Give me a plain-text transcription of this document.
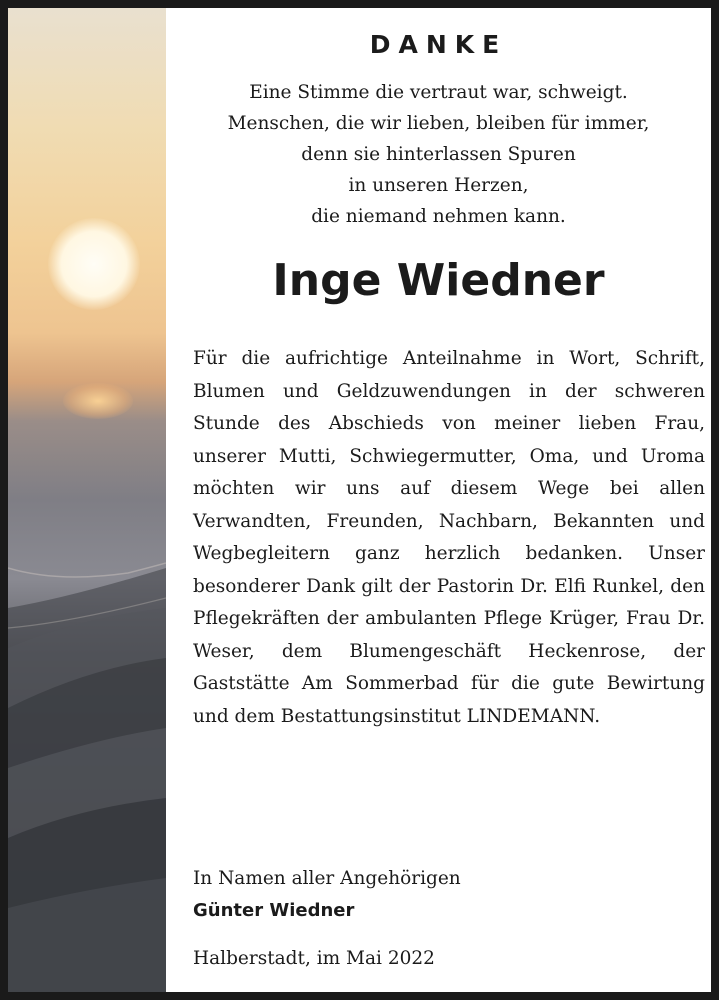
DANKE

Eine Stimme die vertraut war, schweigt.
Menschen, die wir lieben, bleiben für immer,
denn sie hinterlassen Spuren
in unseren Herzen,
die niemand nehmen kann.

Inge Wiedner

Für die aufrichtige Anteilnahme in Wort, Schrift, Blumen und Geldzuwendungen in der schweren Stunde des Abschieds von meiner lieben Frau, unserer Mutti, Schwiegermutter, Oma, und Uroma möchten wir uns auf diesem Wege bei allen Verwandten, Freunden, Nachbarn, Bekannten und Wegbegleitern ganz herzlich bedanken. Unser besonderer Dank gilt der Pastorin Dr. Elfi Runkel, den Pflegekräften der ambulanten Pflege Krüger, Frau Dr. Weser, dem Blumengeschäft Heckenrose, der Gaststätte Am Sommerbad für die gute Bewirtung und dem Bestattungsinstitut LINDEMANN.

In Namen aller Angehörigen
Günter Wiedner
Halberstadt, im Mai 2022
